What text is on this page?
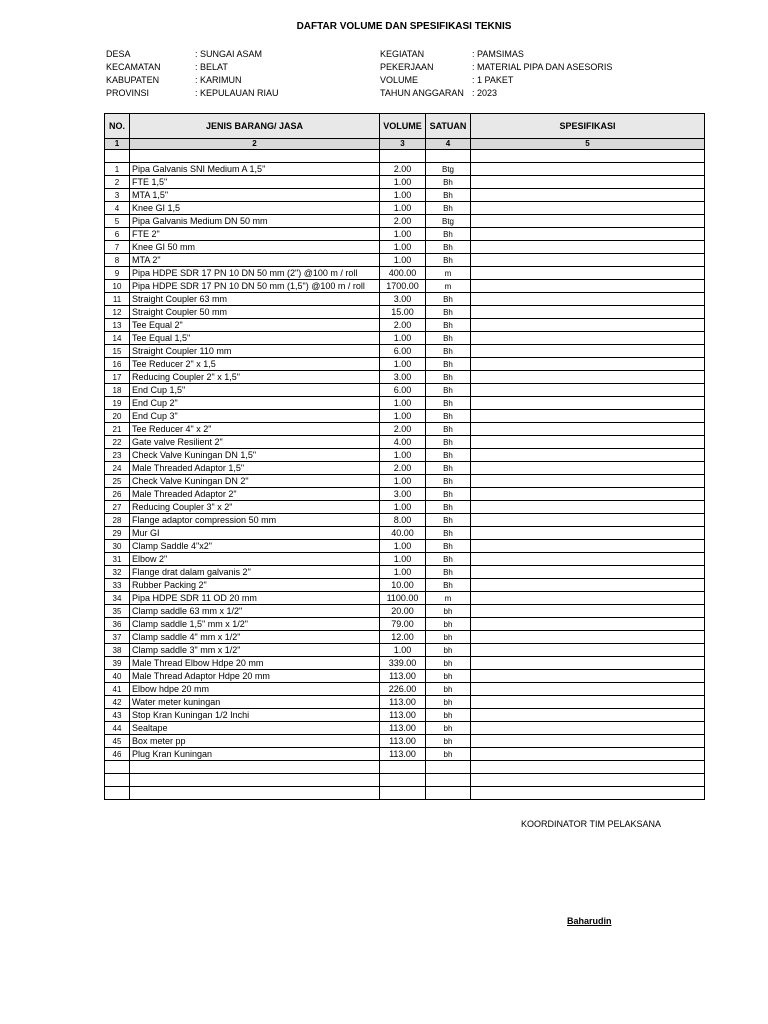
DAFTAR VOLUME DAN SPESIFIKASI TEKNIS
DESA	: SUNGAI ASAM
KECAMATAN	: BELAT
KABUPATEN	: KARIMUN
PROVINSI	: KEPULAUAN RIAU
KEGIATAN	: PAMSIMAS
PEKERJAAN	: MATERIAL PIPA DAN ASESORIS
VOLUME	: 1 PAKET
TAHUN ANGGARAN : 2023
NO.	JENIS BARANG/ JASA	VOLUME	SATUAN	SPESIFIKASI
1	2	3	4	5

1	Pipa Galvanis SNI Medium A 1,5"	2.00	Btg	
2	FTE 1,5"	1.00	Bh	
3	MTA 1,5"	1.00	Bh	
4	Knee GI 1,5	1.00	Bh	
5	Pipa Galvanis Medium DN 50 mm	2.00	Btg	
6	FTE 2"	1.00	Bh	
7	Knee GI 50 mm	1.00	Bh	
8	MTA 2"	1.00	Bh	
9	Pipa HDPE SDR 17 PN 10 DN 50 mm (2") @100 m / roll	400.00	m	
10	Pipa HDPE SDR 17 PN 10 DN 50 mm (1,5") @100 m / roll	1700.00	m	
11	Straight Coupler 63 mm	3.00	Bh	
12	Straight Coupler 50 mm	15.00	Bh	
13	Tee Equal 2"	2.00	Bh	
14	Tee Equal 1,5"	1.00	Bh	
15	Straight Coupler 110 mm	6.00	Bh	
16	Tee Reducer 2" x 1,5	1.00	Bh	
17	Reducing Coupler 2" x 1,5"	3.00	Bh	
18	End Cup 1,5"	6.00	Bh	
19	End Cup 2"	1.00	Bh	
20	End Cup 3"	1.00	Bh	
21	Tee Reducer 4" x 2"	2.00	Bh	
22	Gate valve Resilient 2"	4.00	Bh	
23	Check Valve Kuningan DN 1,5"	1.00	Bh	
24	Male Threaded Adaptor 1,5"	2.00	Bh	
25	Check Valve Kuningan DN 2"	1.00	Bh	
26	Male Threaded Adaptor 2"	3.00	Bh	
27	Reducing Coupler 3" x 2"	1.00	Bh	
28	Flange adaptor compression 50 mm	8.00	Bh	
29	Mur GI	40.00	Bh	
30	Clamp Saddle 4"x2"	1.00	Bh	
31	Elbow 2"	1.00	Bh	
32	Flange drat dalam galvanis 2"	1.00	Bh	
33	Rubber Packing 2"	10.00	Bh	
34	Pipa HDPE SDR 11 OD 20 mm	1100.00	m	
35	Clamp saddle 63 mm x 1/2"	20.00	bh	
36	Clamp saddle 1,5" mm x 1/2"	79.00	bh	
37	Clamp saddle 4" mm x 1/2"	12.00	bh	
38	Clamp saddle 3" mm x 1/2"	1.00	bh	
39	Male Thread Elbow Hdpe 20 mm	339.00	bh	
40	Male Thread Adaptor Hdpe 20 mm	113.00	bh	
41	Elbow hdpe 20 mm	226.00	bh	
42	Water meter kuningan	113.00	bh	
43	Stop Kran Kuningan 1/2 Inchi	113.00	bh	
44	Sealtape	113.00	bh	
45	Box meter pp	113.00	bh	
46	Plug Kran Kuningan	113.00	bh	

KOORDINATOR TIM PELAKSANA
Baharudin
